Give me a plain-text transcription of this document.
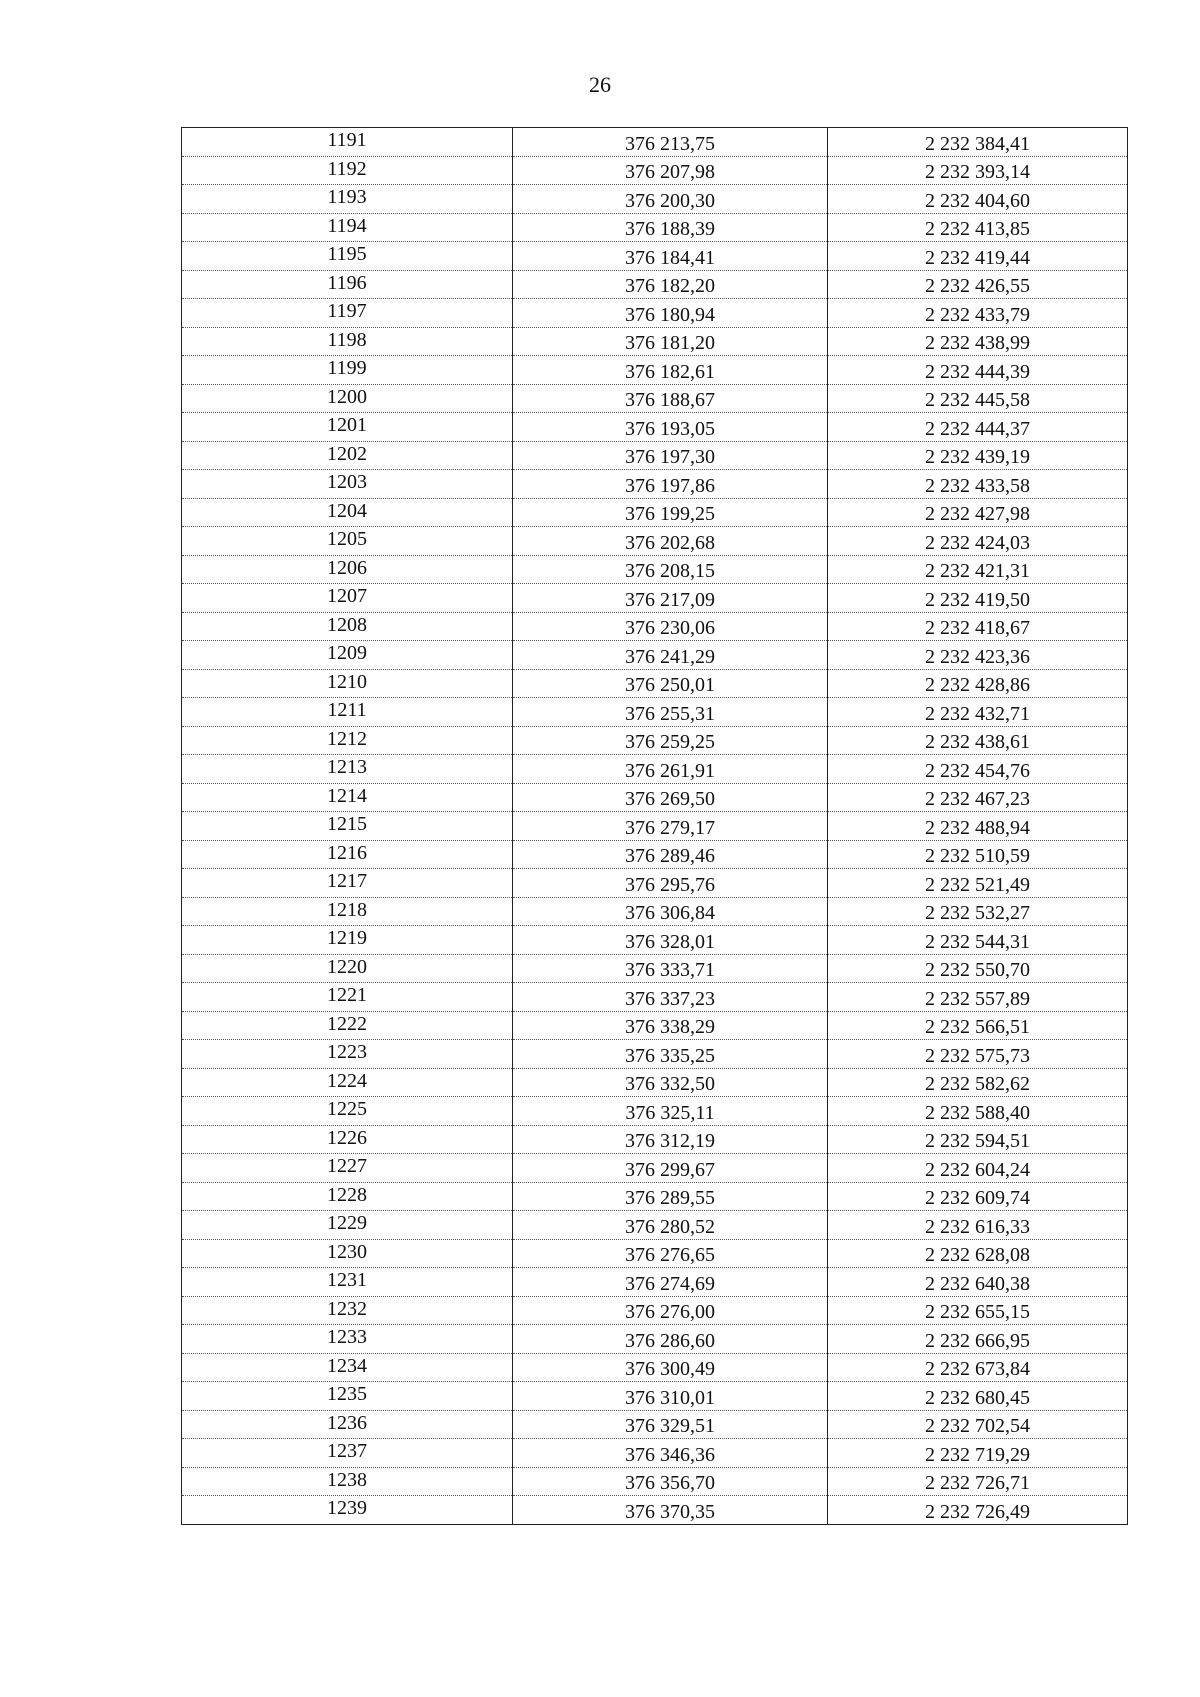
26
1191	376 213,75	2 232 384,41
1192	376 207,98	2 232 393,14
1193	376 200,30	2 232 404,60
1194	376 188,39	2 232 413,85
1195	376 184,41	2 232 419,44
1196	376 182,20	2 232 426,55
1197	376 180,94	2 232 433,79
1198	376 181,20	2 232 438,99
1199	376 182,61	2 232 444,39
1200	376 188,67	2 232 445,58
1201	376 193,05	2 232 444,37
1202	376 197,30	2 232 439,19
1203	376 197,86	2 232 433,58
1204	376 199,25	2 232 427,98
1205	376 202,68	2 232 424,03
1206	376 208,15	2 232 421,31
1207	376 217,09	2 232 419,50
1208	376 230,06	2 232 418,67
1209	376 241,29	2 232 423,36
1210	376 250,01	2 232 428,86
1211	376 255,31	2 232 432,71
1212	376 259,25	2 232 438,61
1213	376 261,91	2 232 454,76
1214	376 269,50	2 232 467,23
1215	376 279,17	2 232 488,94
1216	376 289,46	2 232 510,59
1217	376 295,76	2 232 521,49
1218	376 306,84	2 232 532,27
1219	376 328,01	2 232 544,31
1220	376 333,71	2 232 550,70
1221	376 337,23	2 232 557,89
1222	376 338,29	2 232 566,51
1223	376 335,25	2 232 575,73
1224	376 332,50	2 232 582,62
1225	376 325,11	2 232 588,40
1226	376 312,19	2 232 594,51
1227	376 299,67	2 232 604,24
1228	376 289,55	2 232 609,74
1229	376 280,52	2 232 616,33
1230	376 276,65	2 232 628,08
1231	376 274,69	2 232 640,38
1232	376 276,00	2 232 655,15
1233	376 286,60	2 232 666,95
1234	376 300,49	2 232 673,84
1235	376 310,01	2 232 680,45
1236	376 329,51	2 232 702,54
1237	376 346,36	2 232 719,29
1238	376 356,70	2 232 726,71
1239	376 370,35	2 232 726,49
